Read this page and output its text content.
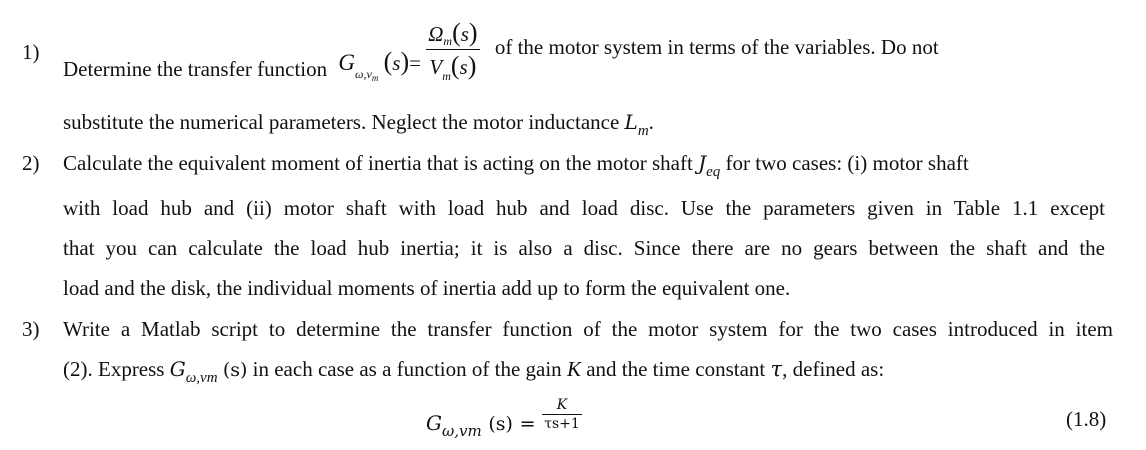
1)
Determine the transfer function $G_{\omega,vm}$ $(s)= \frac{\Omega m(s)}{V_m(s)}$ of the motor system in terms of the variables. Do not
substitute the numerical parameters. Neglect the motor inductance $L_m$.
2) Calculate the equivalent moment of inertia that is acting on the motor shaft $J_{eq}$ for two cases: (i) motor shaft
with load hub and (ii) motor shaft with load hub and load disc. Use the parameters given in Table 1.1 except
that you can calculate the load hub inertia; it is also a disc. Since there are no gears between the shaft and the
load and the disk, the individual moments of inertia add up to form the equivalent one.
3) Write a Matlab script to determine the transfer function of the motor system for the two cases introduced in item
(2). Express $G_{\omega,vm}$ (s) in each case as a function of the gain K and the time constant τ, defined as:
$G_{\omega,vm}$ $(s) = \frac{K}{\tau s+1}$	(1.8)
